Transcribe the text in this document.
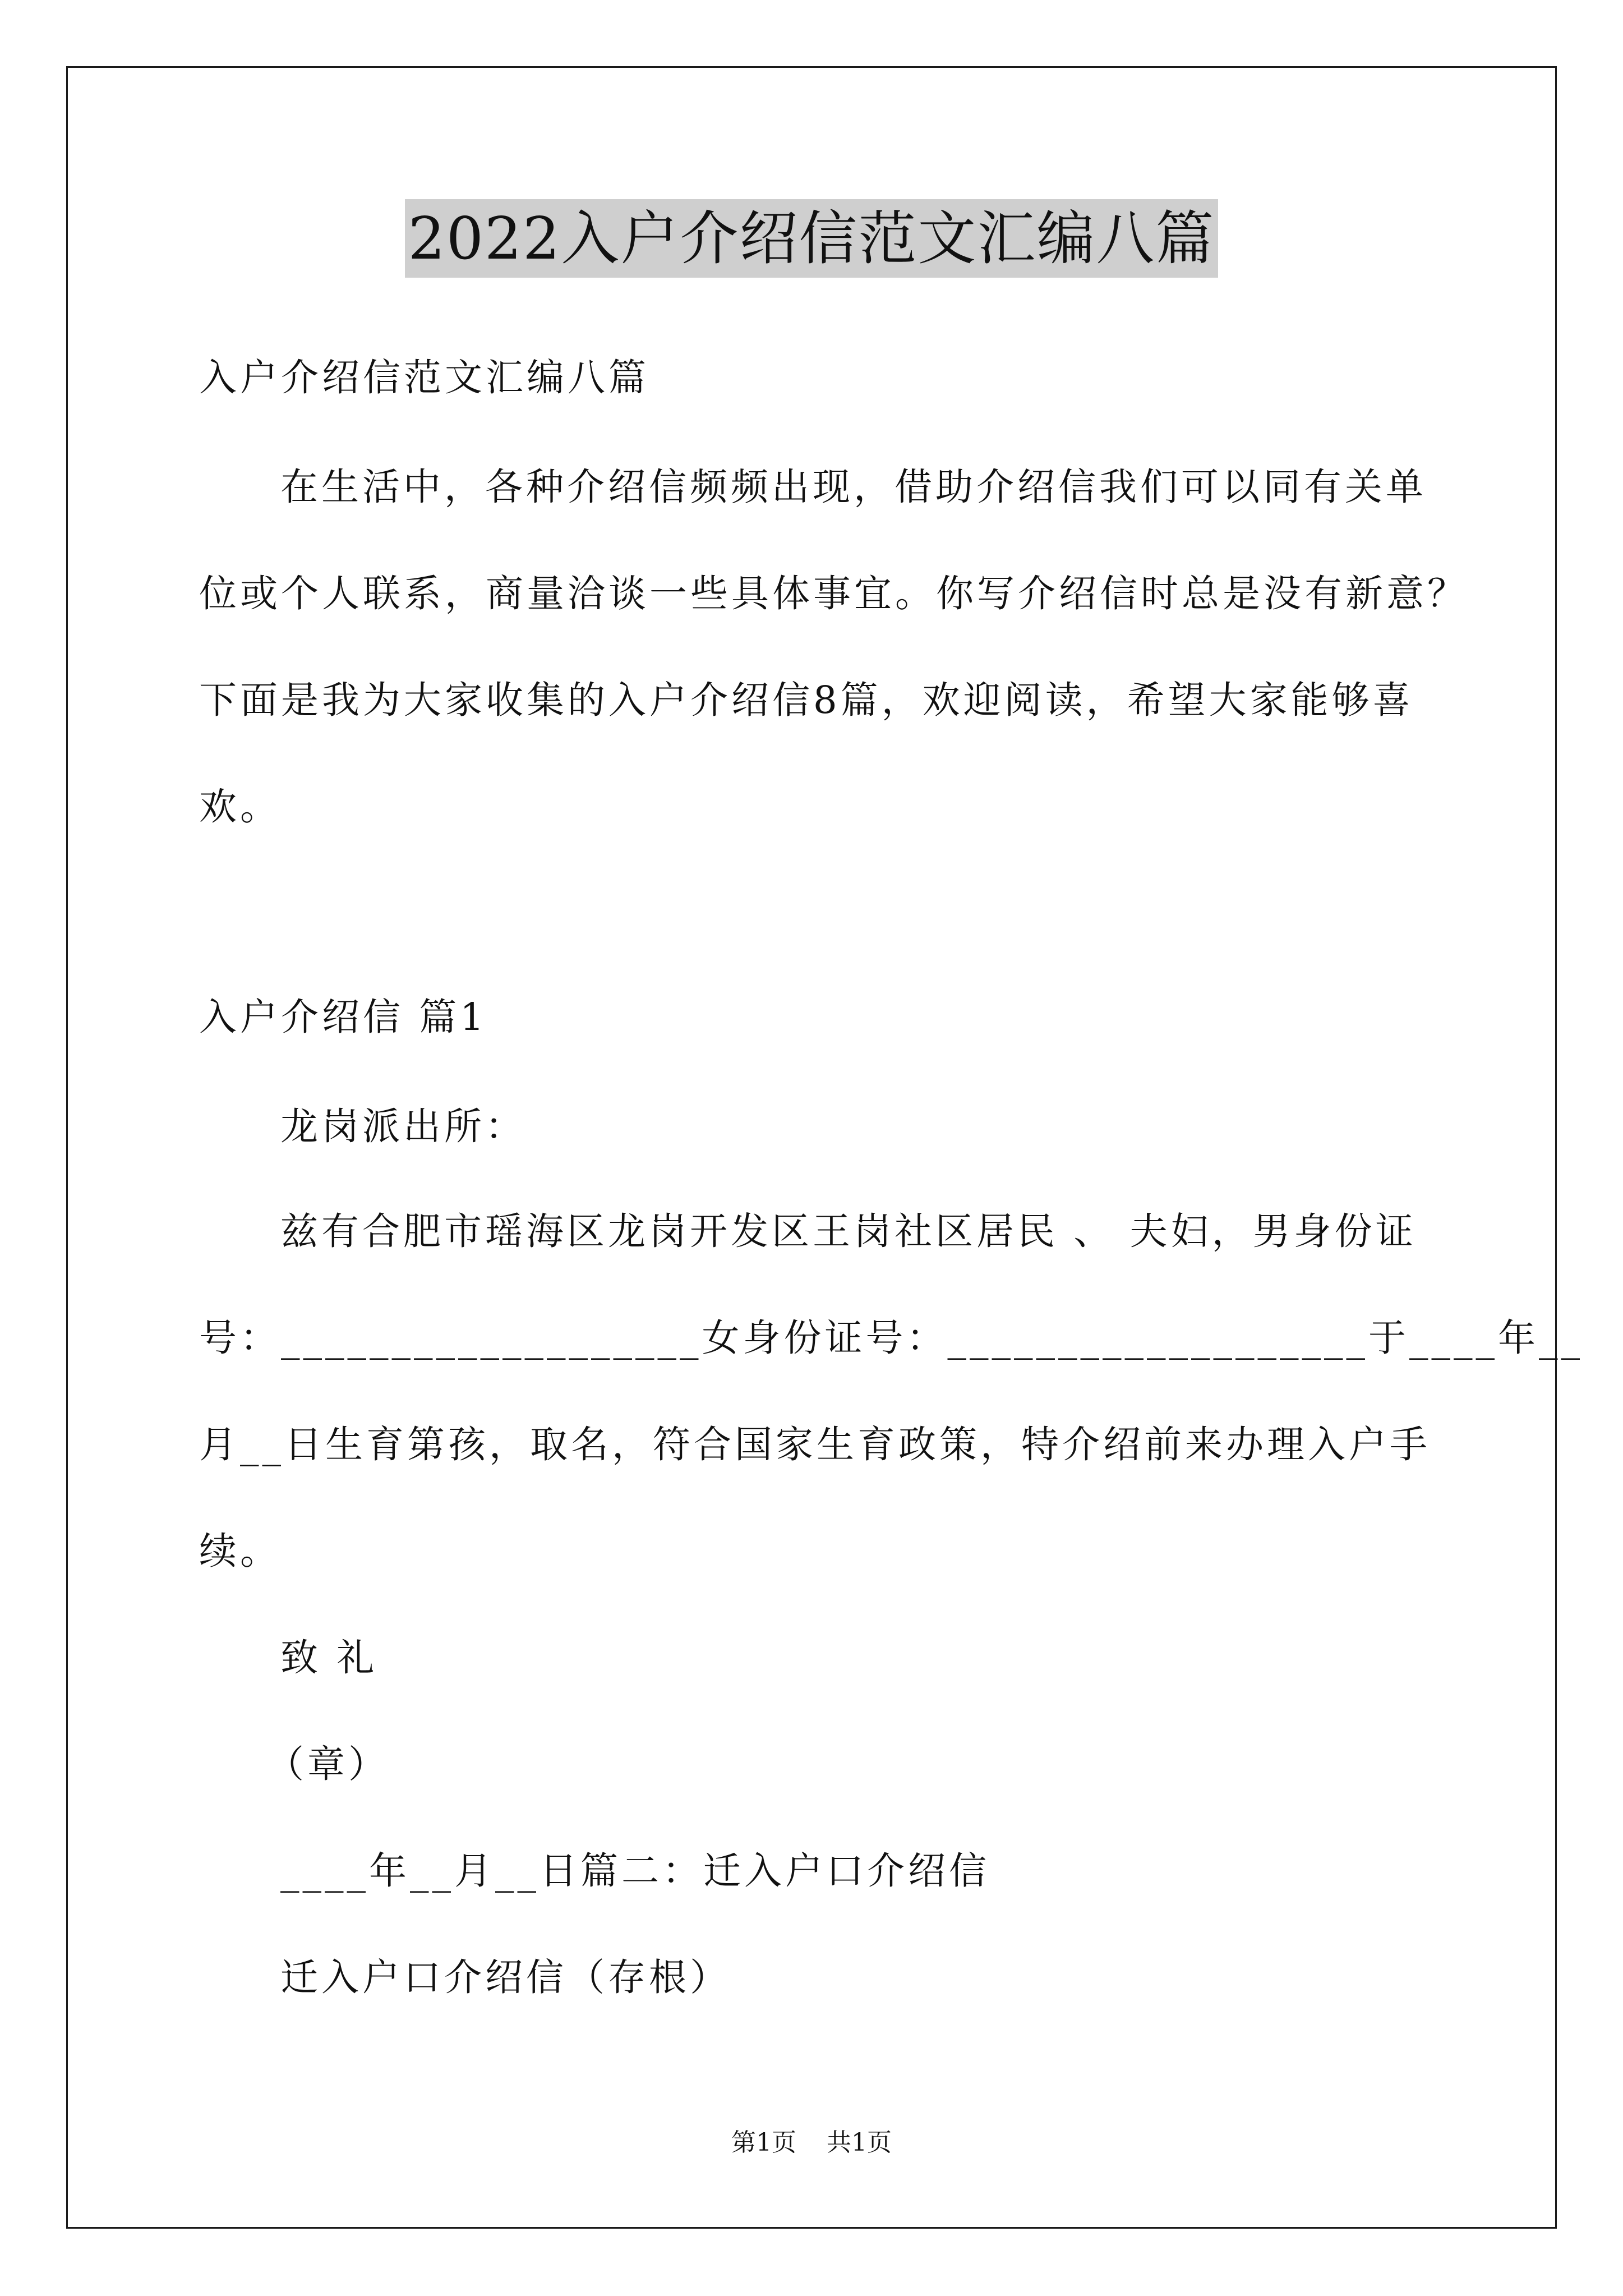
2022入户介绍信范文汇编八篇
入户介绍信范文汇编八篇
在生活中，各种介绍信频频出现，借助介绍信我们可以同有关单
位或个人联系，商量洽谈一些具体事宜。你写介绍信时总是没有新意？
下面是我为大家收集的入户介绍信8篇，欢迎阅读，希望大家能够喜
欢。
入户介绍信 篇1
龙岗派出所：
兹有合肥市瑶海区龙岗开发区王岗社区居民 、 夫妇，男身份证
号：___________________女身份证号：___________________于____年__
月__日生育第孩，取名，符合国家生育政策，特介绍前来办理入户手
续。
致 礼
（章）
____年__月__日篇二：迁入户口介绍信
迁入户口介绍信（存根）
第1页 共1页
